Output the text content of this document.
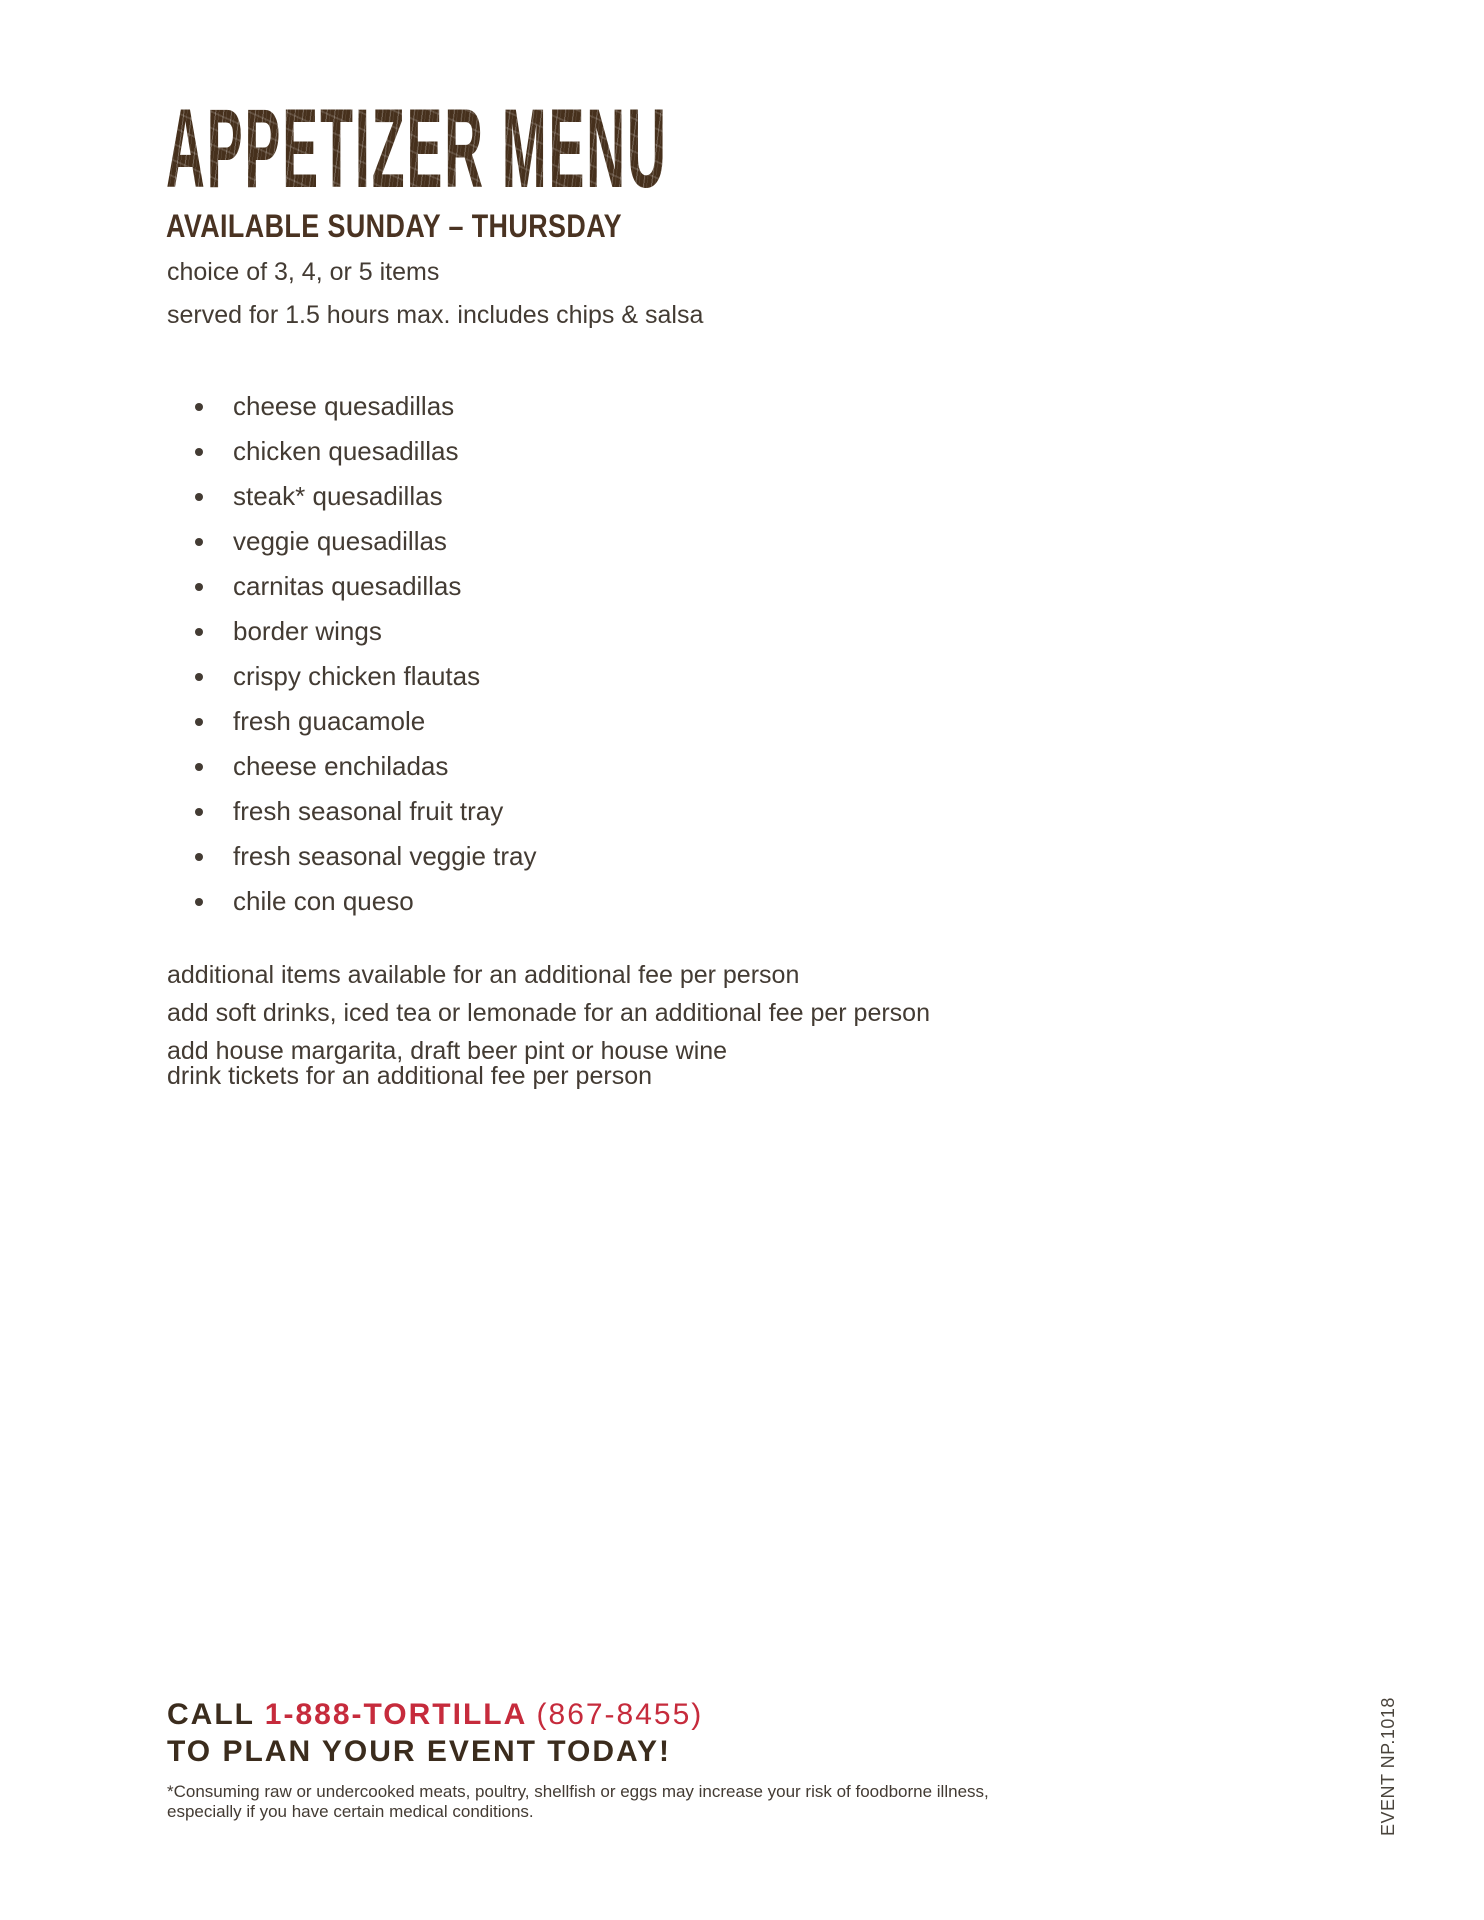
APPETIZER MENU
AVAILABLE SUNDAY – THURSDAY

choice of 3, 4, or 5 items

served for 1.5 hours max. includes chips & salsa

cheese quesadillas
chicken quesadillas
steak* quesadillas
veggie quesadillas
carnitas quesadillas
border wings
crispy chicken flautas
fresh guacamole
cheese enchiladas
fresh seasonal fruit tray
fresh seasonal veggie tray
chile con queso

additional items available for an additional fee per person

add soft drinks, iced tea or lemonade for an additional fee per person

add house margarita, draft beer pint or house wine
drink tickets for an additional fee per person

CALL 1-888-TORTILLA (867-8455)

TO PLAN YOUR EVENT TODAY!

*Consuming raw or undercooked meats, poultry, shellfish or eggs may increase your risk of foodborne illness,
especially if you have certain medical conditions.	EVENT NP.1018
